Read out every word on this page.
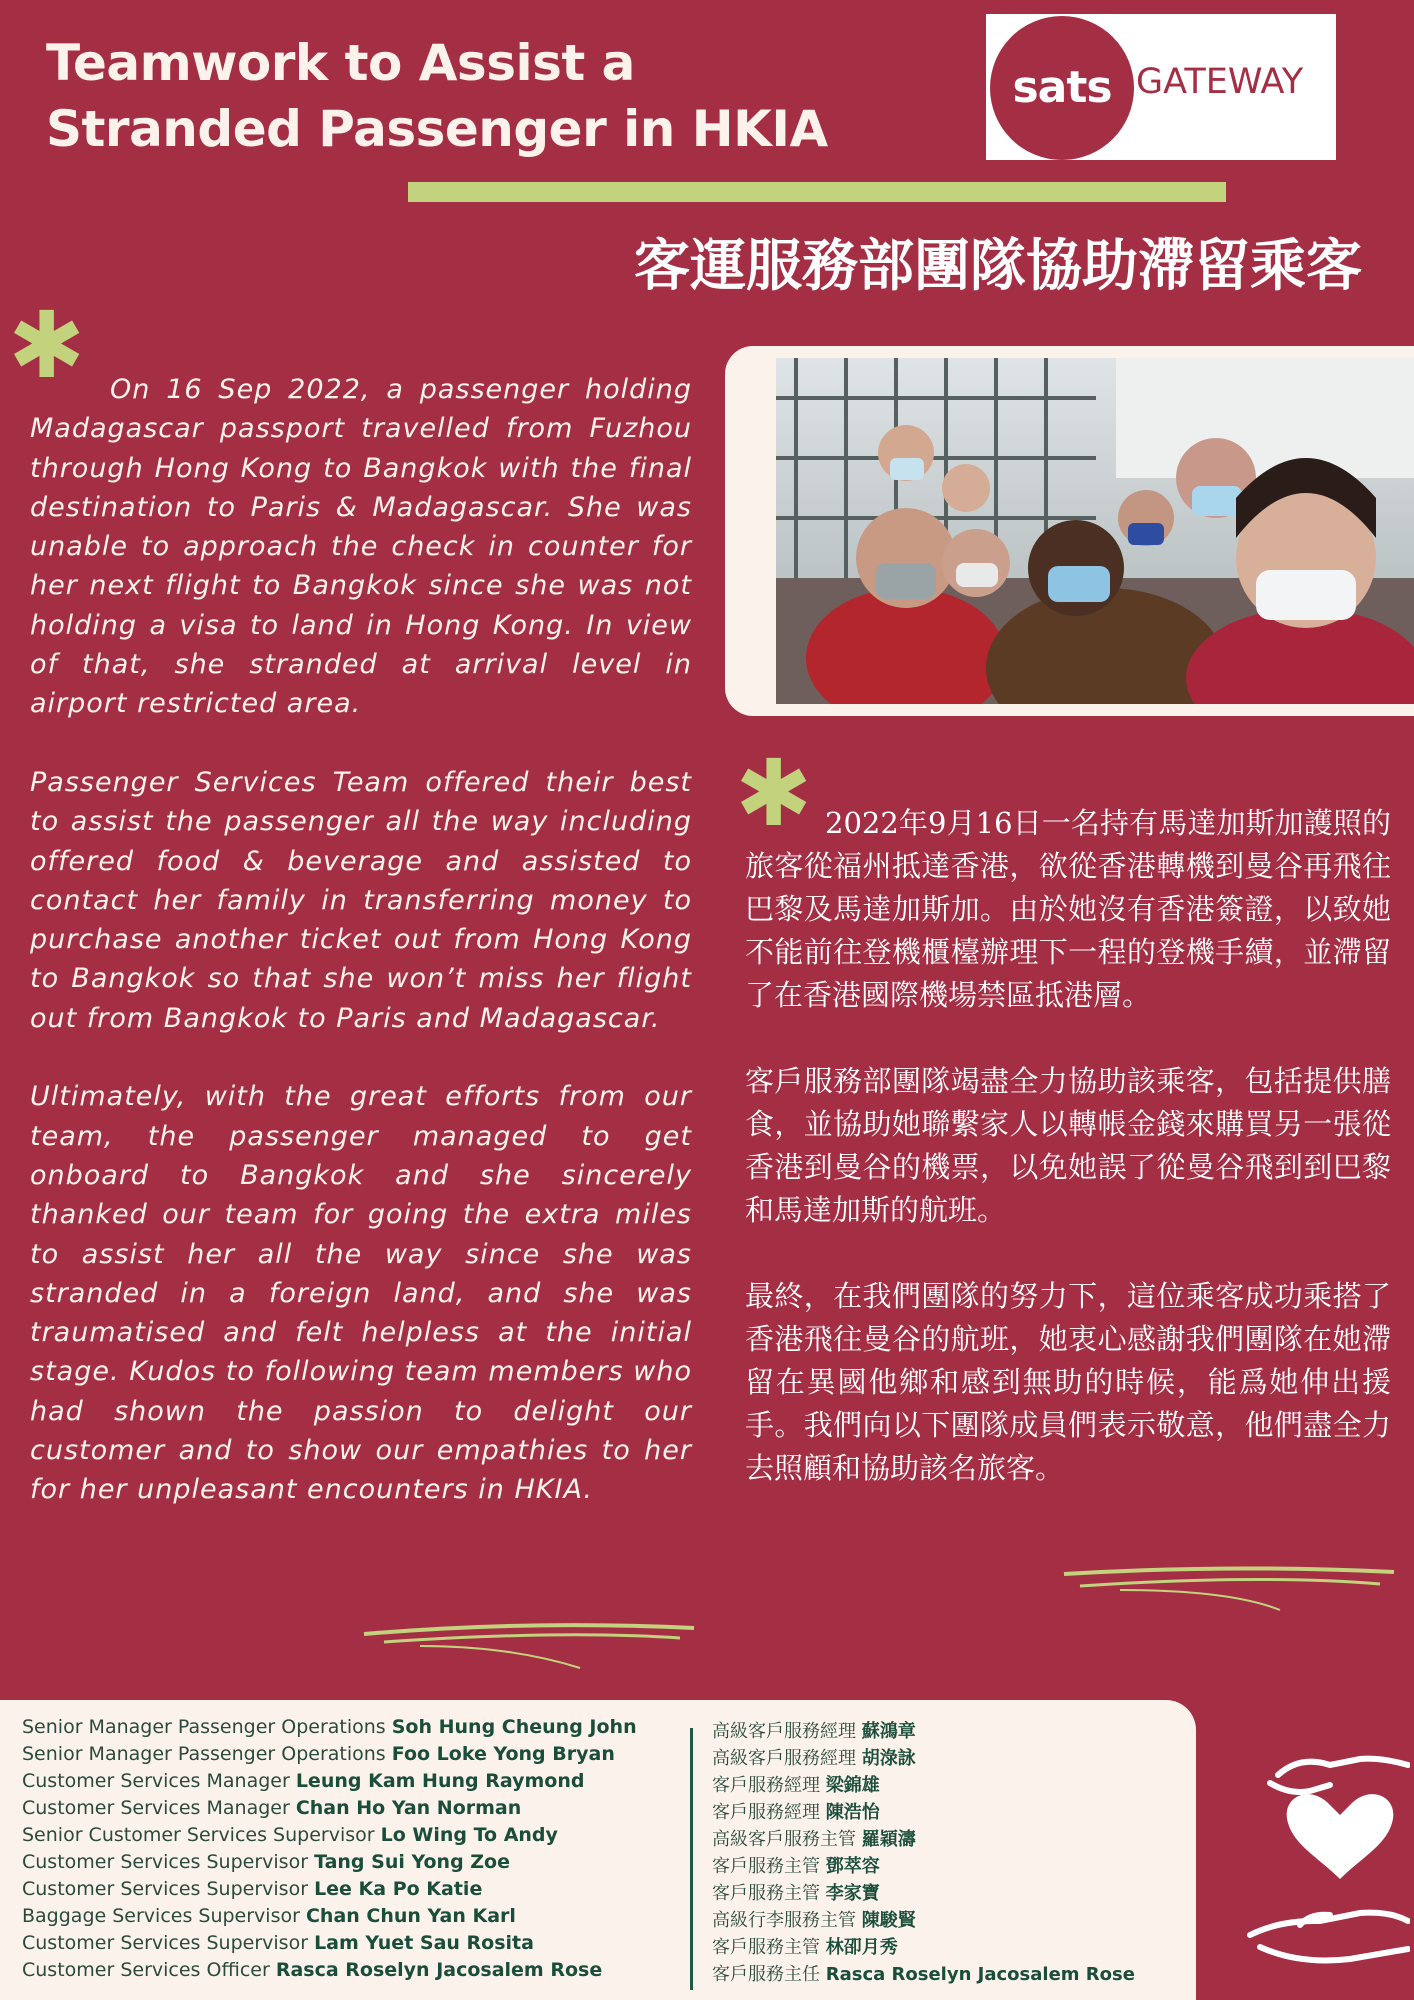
Teamwork to Assist a
Stranded Passenger in HKIA
sats GATEWAY
客運服務部團隊協助滯留乘客
✱ On 16 Sep 2022, a passenger holding Madagascar passport travelled from Fuzhou through Hong Kong to Bangkok with the final destination to Paris & Madagascar. She was unable to approach the check in counter for her next flight to Bangkok since she was not holding a visa to land in Hong Kong. In view of that, she stranded at arrival level in airport restricted area.

Passenger Services Team offered their best to assist the passenger all the way including offered food & beverage and assisted to contact her family in transferring money to purchase another ticket out from Hong Kong to Bangkok so that she won’t miss her flight out from Bangkok to Paris and Madagascar.

Ultimately, with the great efforts from our team, the passenger managed to get onboard to Bangkok and she sincerely thanked our team for going the extra miles to assist her all the way since she was stranded in a foreign land, and she was traumatised and felt helpless at the initial stage. Kudos to following team members who had shown the passion to delight our customer and to show our empathies to her for her unpleasant encounters in HKIA.

✱ 2022年9月16日一名持有馬達加斯加護照的旅客從福州抵達香港，欲從香港轉機到曼谷再飛往巴黎及馬達加斯加。由於她沒有香港簽證，以致她不能前往登機櫃檯辦理下一程的登機手續，並滯留了在香港國際機場禁區抵港層。

客戶服務部團隊竭盡全力協助該乘客，包括提供膳食，並協助她聯繫家人以轉帳金錢來購買另一張從香港到曼谷的機票，以免她誤了從曼谷飛到到巴黎和馬達加斯的航班。

最終，在我們團隊的努力下，這位乘客成功乘搭了香港飛往曼谷的航班，她衷心感謝我們團隊在她滯留在異國他鄉和感到無助的時候，能爲她伸出援手。我們向以下團隊成員們表示敬意，他們盡全力去照顧和協助該名旅客。

Senior Manager Passenger Operations Soh Hung Cheung John
Senior Manager Passenger Operations Foo Loke Yong Bryan
Customer Services Manager Leung Kam Hung Raymond
Customer Services Manager Chan Ho Yan Norman
Senior Customer Services Supervisor Lo Wing To Andy
Customer Services Supervisor Tang Sui Yong Zoe
Customer Services Supervisor Lee Ka Po Katie
Baggage Services Supervisor Chan Chun Yan Karl
Customer Services Supervisor Lam Yuet Sau Rosita
Customer Services Officer Rasca Roselyn Jacosalem Rose
高級客戶服務經理 蘇鴻章
高級客戶服務經理 胡淥詠
客戶服務經理 梁錦雄
客戶服務經理 陳浩怡
高級客戶服務主管 羅穎濤
客戶服務主管 鄧萃容
客戶服務主管 李家寶
高級行李服務主管 陳駿賢
客戶服務主管 林卲月秀
客戶服務主任 Rasca Roselyn Jacosalem Rose
